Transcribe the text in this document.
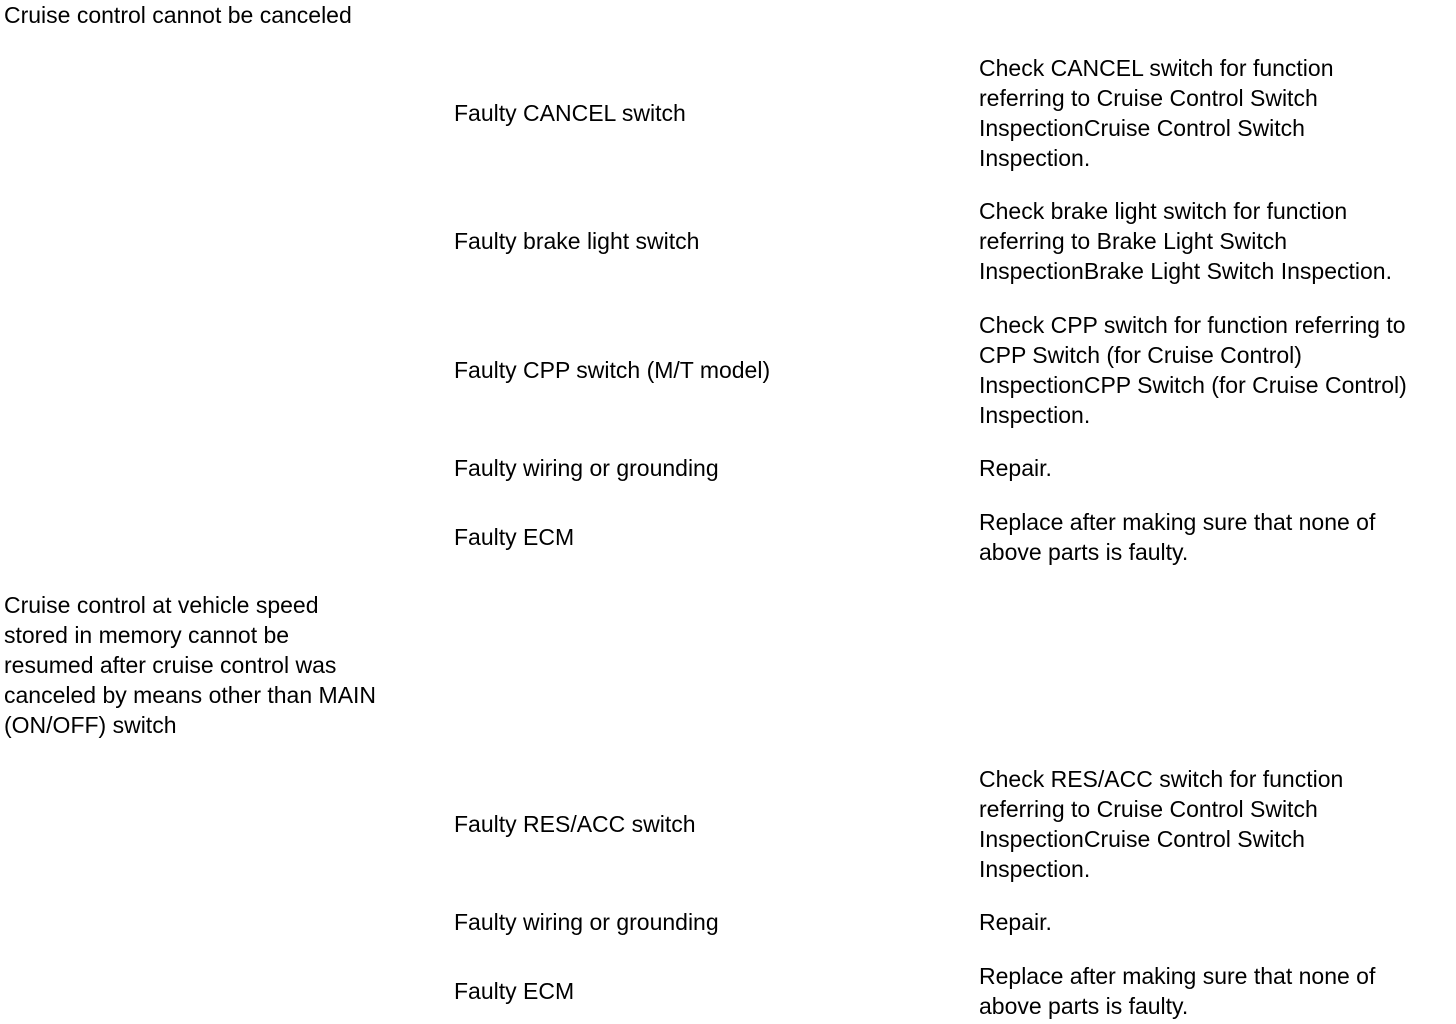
Cruise control cannot be canceled

Faulty CANCEL switch

Check CANCEL switch for function
referring to Cruise Control Switch
InspectionCruise Control Switch
Inspection.

Faulty brake light switch

Check brake light switch for function
referring to Brake Light Switch
InspectionBrake Light Switch Inspection.

Faulty CPP switch (M/T model)

Check CPP switch for function referring to
CPP Switch (for Cruise Control)
InspectionCPP Switch (for Cruise Control)
Inspection.

Faulty wiring or grounding	Repair.

Faulty ECM

Replace after making sure that none of
above parts is faulty.

Cruise control at vehicle speed
stored in memory cannot be
resumed after cruise control was
canceled by means other than MAIN
(ON/OFF) switch

Faulty RES/ACC switch

Check RES/ACC switch for function
referring to Cruise Control Switch
InspectionCruise Control Switch
Inspection.

Faulty wiring or grounding	Repair.

Faulty ECM

Replace after making sure that none of
above parts is faulty.
